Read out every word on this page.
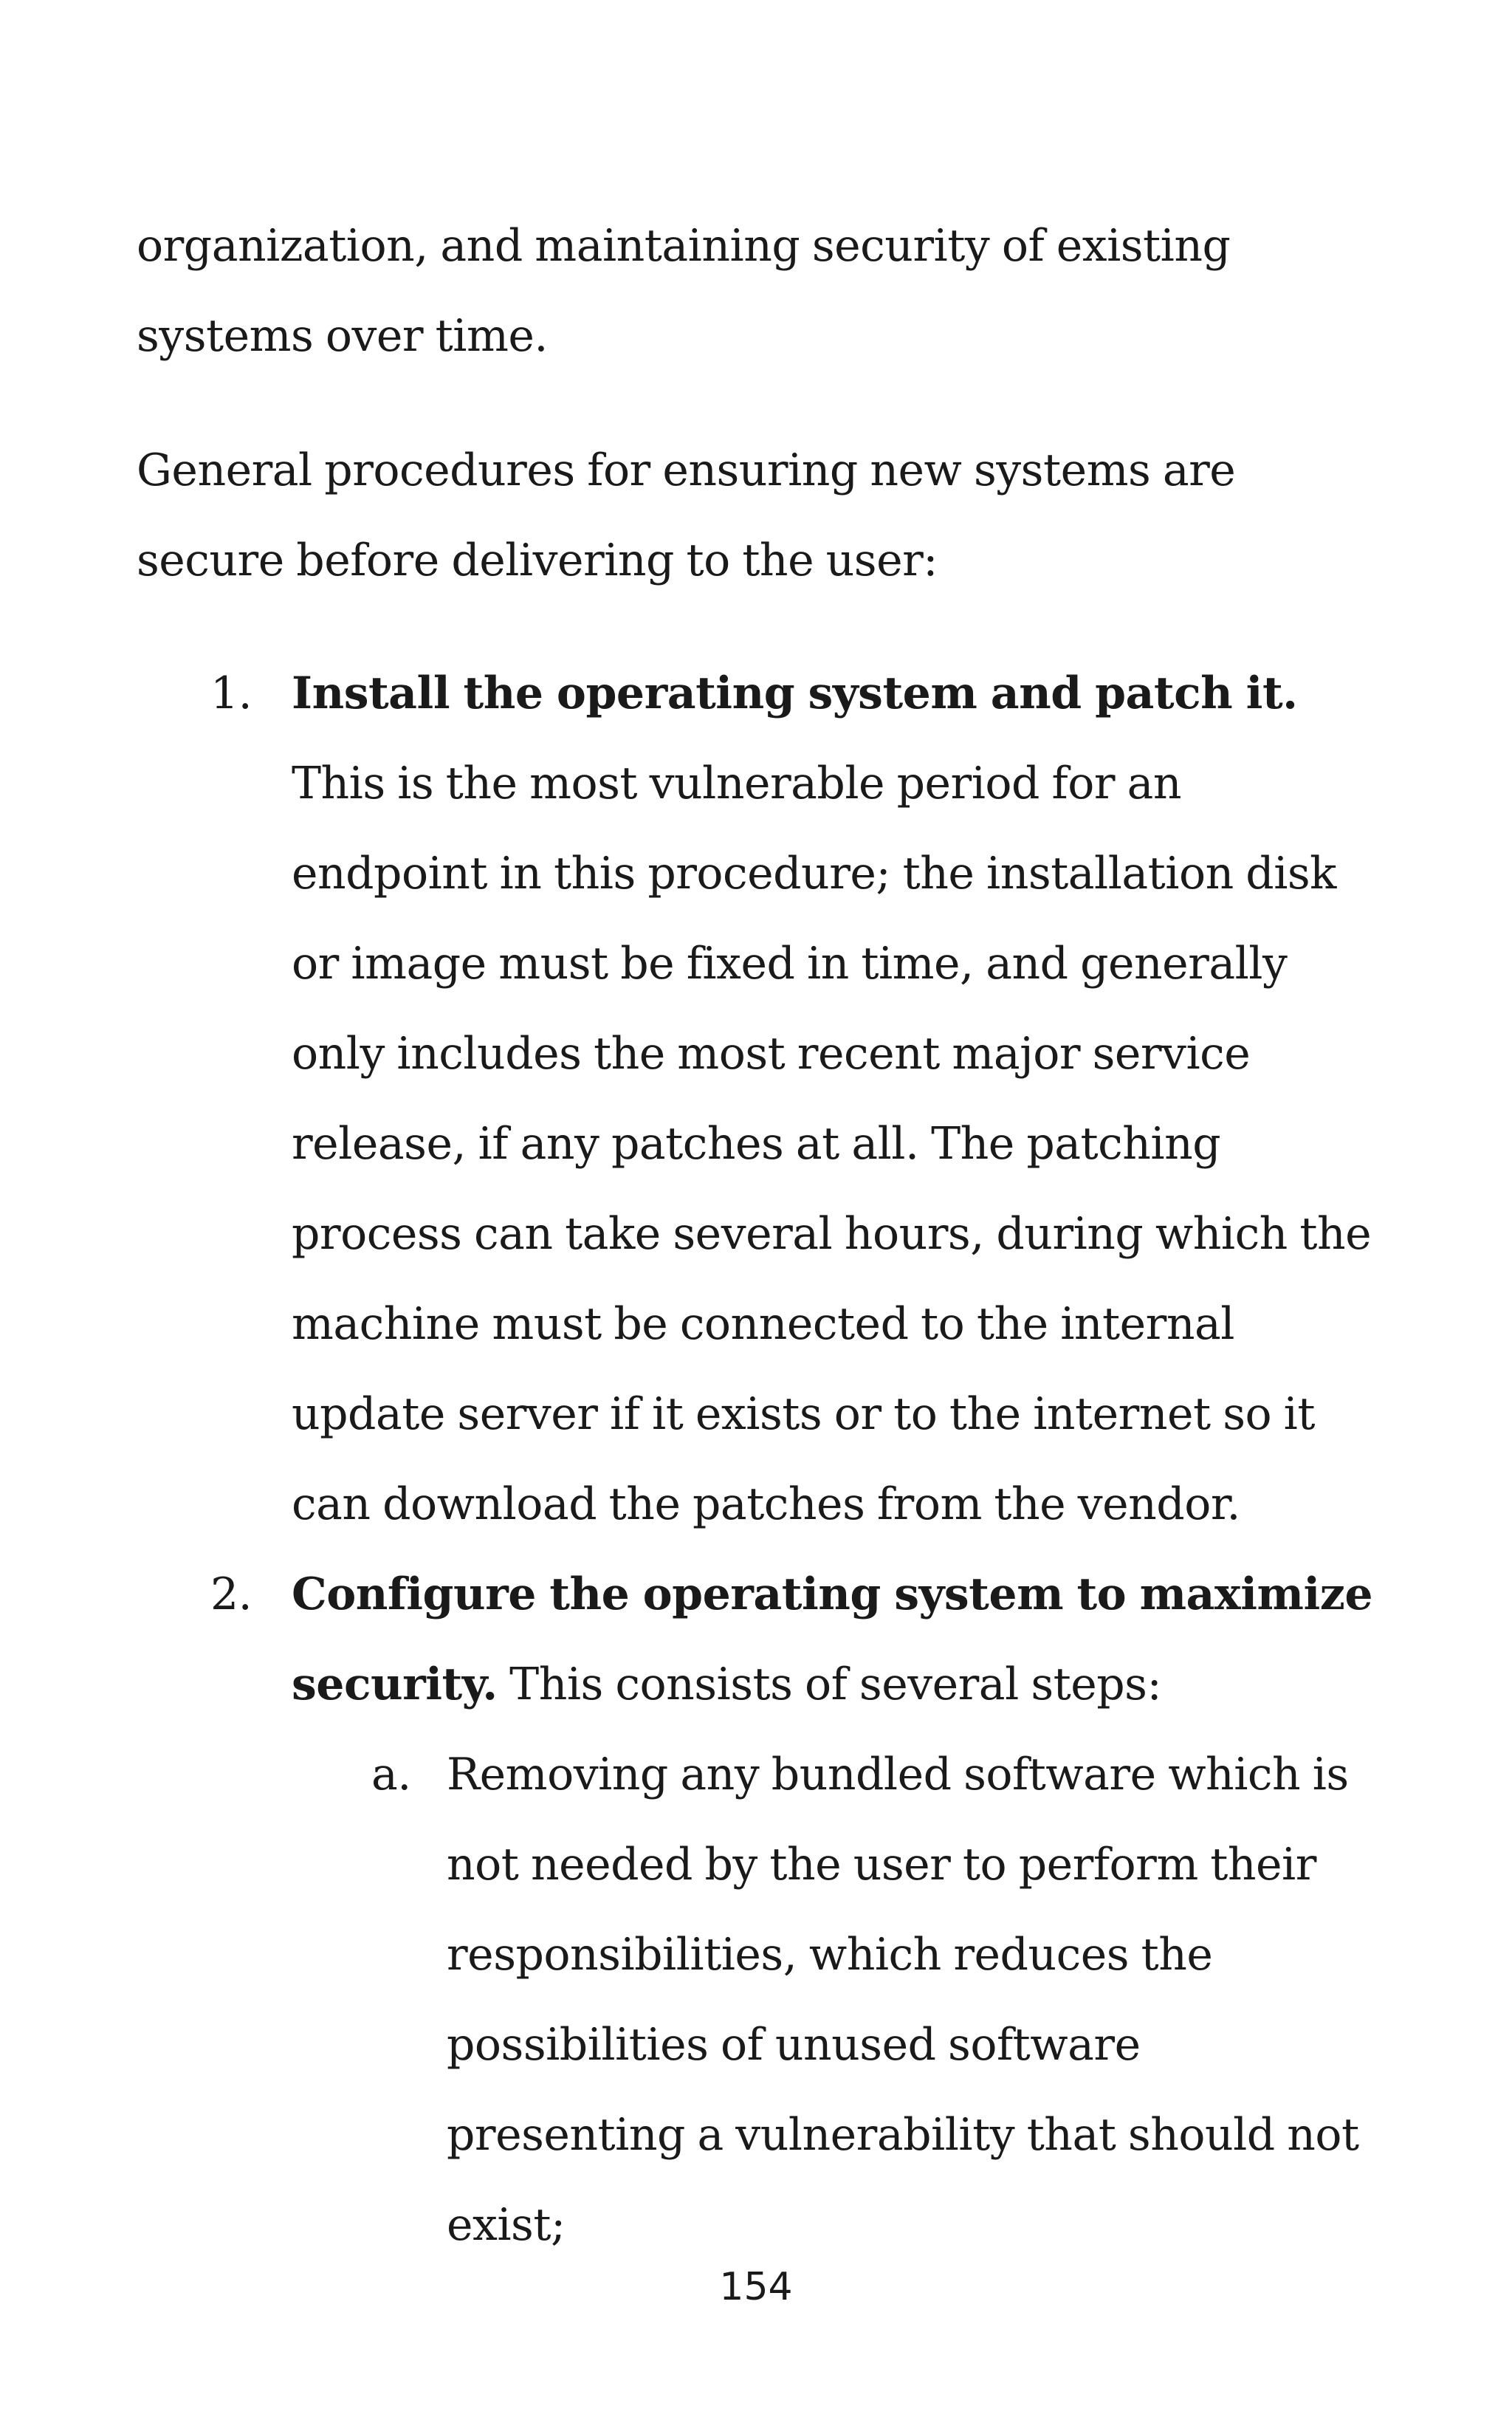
organization, and maintaining security of existing systems over time.

General procedures for ensuring new systems are secure before delivering to the user:

1. Install the operating system and patch it. This is the most vulnerable period for an endpoint in this procedure; the installation disk or image must be fixed in time, and generally only includes the most recent major service release, if any patches at all. The patching process can take several hours, during which the machine must be connected to the internal update server if it exists or to the internet so it can download the patches from the vendor.
2. Configure the operating system to maximize security. This consists of several steps:
a. Removing any bundled software which is not needed by the user to perform their responsibilities, which reduces the possibilities of unused software presenting a vulnerability that should not exist;
154
